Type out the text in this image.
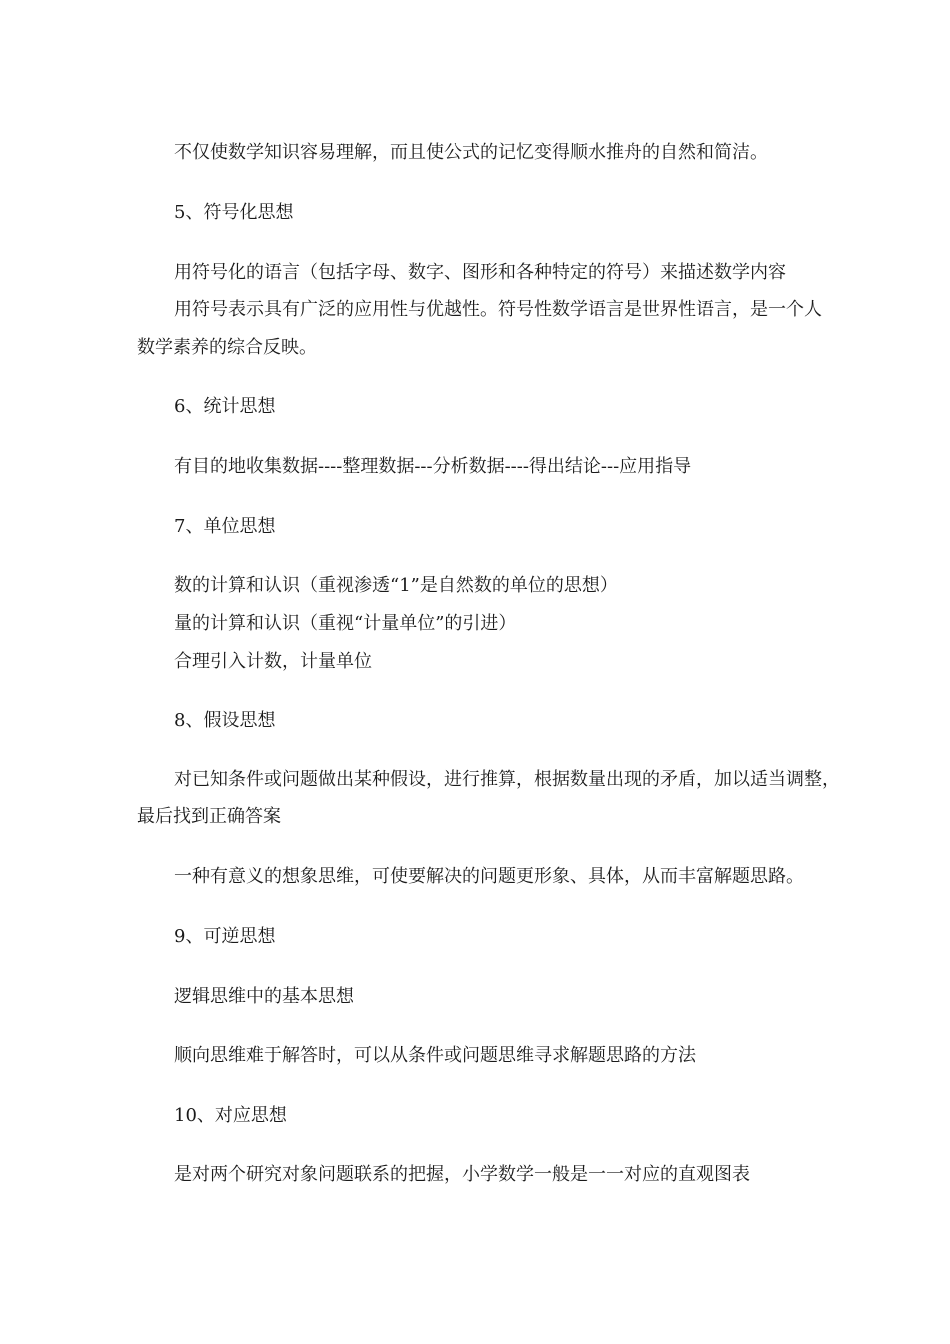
不仅使数学知识容易理解，而且使公式的记忆变得顺水推舟的自然和简洁。

5、符号化思想

用符号化的语言（包括字母、数字、图形和各种特定的符号）来描述数学内容

用符号表示具有广泛的应用性与优越性。符号性数学语言是世界性语言，是一个人

数学素养的综合反映。

6、统计思想

有目的地收集数据----整理数据---分析数据----得出结论---应用指导

7、单位思想

数的计算和认识（重视渗透“1”是自然数的单位的思想）

量的计算和认识（重视“计量单位”的引进）

合理引入计数，计量单位

8、假设思想

对已知条件或问题做出某种假设，进行推算，根据数量出现的矛盾，加以适当调整，

最后找到正确答案

一种有意义的想象思维，可使要解决的问题更形象、具体，从而丰富解题思路。

9、可逆思想

逻辑思维中的基本思想

顺向思维难于解答时，可以从条件或问题思维寻求解题思路的方法

10、对应思想

是对两个研究对象问题联系的把握，小学数学一般是一一对应的直观图表
